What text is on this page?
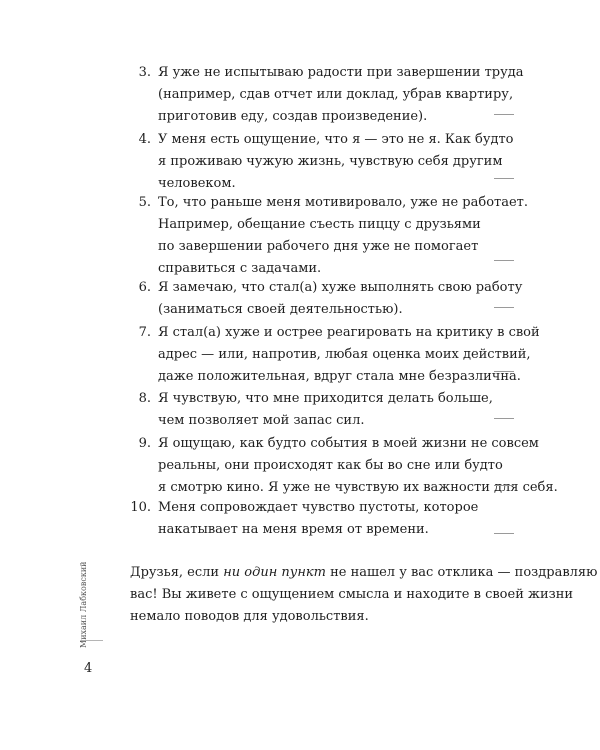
3. Я уже не испытываю радости при завершении труда
(например, сдав отчет или доклад, убрав квартиру,
приготовив еду, создав произведение).
4. У меня есть ощущение, что я — это не я. Как будто
я проживаю чужую жизнь, чувствую себя другим
человеком.
5. То, что раньше меня мотивировало, уже не работает.
Например, обещание съесть пиццу с друзьями
по завершении рабочего дня уже не помогает
справиться с задачами.
6. Я замечаю, что стал(а) хуже выполнять свою работу
(заниматься своей деятельностью).
7. Я стал(а) хуже и острее реагировать на критику в свой
адрес — или, напротив, любая оценка моих действий,
даже положительная, вдруг стала мне безразлична.
8. Я чувствую, что мне приходится делать больше,
чем позволяет мой запас сил.
9. Я ощущаю, как будто события в моей жизни не совсем
реальны, они происходят как бы во сне или будто
я смотрю кино. Я уже не чувствую их важности для себя.
10. Меня сопровождает чувство пустоты, которое
накатывает на меня время от времени.
Друзья, если ни один пункт не нашел у вас отклика — поздравляю
вас! Вы живете с ощущением смысла и находите в своей жизни
немало поводов для удовольствия.
Михаил Лабковский
4
